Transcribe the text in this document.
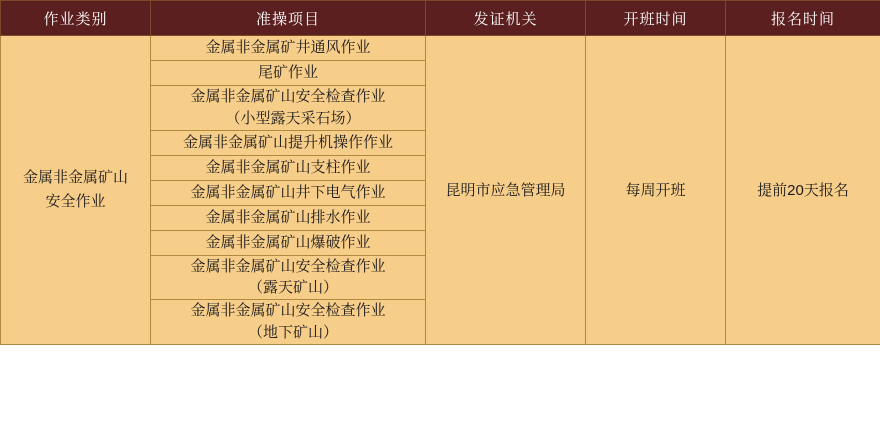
作业类别	准操项目	发证机关	开班时间	报名时间

金属非金属矿山
安全作业	金属非金属矿井通风作业	昆明市应急管理局	每周开班	提前20天报名

	尾矿作业			

	金属非金属矿山安全检查作业
（小型露天采石场）			

	金属非金属矿山提升机操作作业			

	金属非金属矿山支柱作业			

	金属非金属矿山井下电气作业			

	金属非金属矿山排水作业			

	金属非金属矿山爆破作业			

	金属非金属矿山安全检查作业
（露天矿山）			

	金属非金属矿山安全检查作业
（地下矿山）			
